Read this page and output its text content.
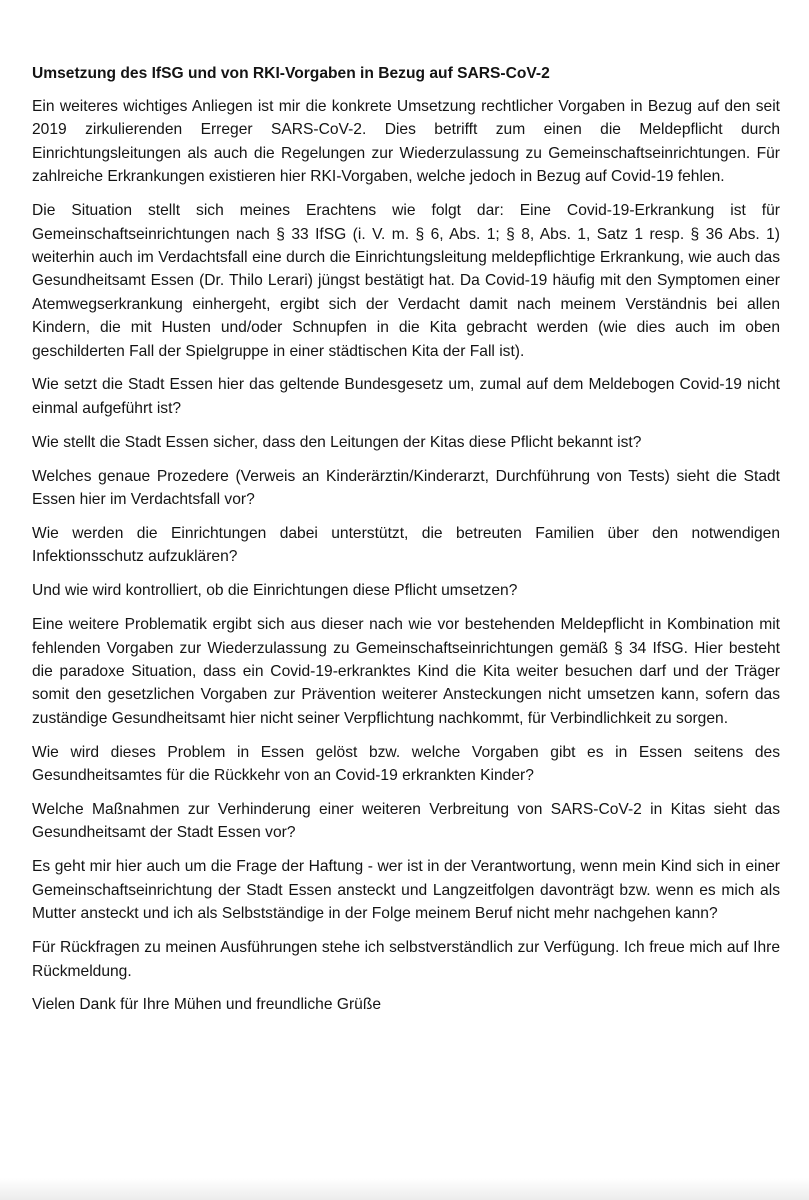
Umsetzung des IfSG und von RKI-Vorgaben in Bezug auf SARS-CoV-2

Ein weiteres wichtiges Anliegen ist mir die konkrete Umsetzung rechtlicher Vorgaben in Bezug auf den seit 2019 zirkulierenden Erreger SARS-CoV-2. Dies betrifft zum einen die Meldepflicht durch Einrichtungsleitungen als auch die Regelungen zur Wiederzulassung zu Gemeinschaftseinrichtungen. Für zahlreiche Erkrankungen existieren hier RKI-Vorgaben, welche jedoch in Bezug auf Covid-19 fehlen.

Die Situation stellt sich meines Erachtens wie folgt dar: Eine Covid-19-Erkrankung ist für Gemeinschaftseinrichtungen nach § 33 IfSG (i. V. m. § 6, Abs. 1; § 8, Abs. 1, Satz 1 resp. § 36 Abs. 1) weiterhin auch im Verdachtsfall eine durch die Einrichtungsleitung meldepflichtige Erkrankung, wie auch das Gesundheitsamt Essen (Dr. Thilo Lerari) jüngst bestätigt hat. Da Covid-19 häufig mit den Symptomen einer Atemwegserkrankung einhergeht, ergibt sich der Verdacht damit nach meinem Verständnis bei allen Kindern, die mit Husten und/oder Schnupfen in die Kita gebracht werden (wie dies auch im oben geschilderten Fall der Spielgruppe in einer städtischen Kita der Fall ist).

Wie setzt die Stadt Essen hier das geltende Bundesgesetz um, zumal auf dem Meldebogen Covid-19 nicht einmal aufgeführt ist?

Wie stellt die Stadt Essen sicher, dass den Leitungen der Kitas diese Pflicht bekannt ist?

Welches genaue Prozedere (Verweis an Kinderärztin/Kinderarzt, Durchführung von Tests) sieht die Stadt Essen hier im Verdachtsfall vor?

Wie werden die Einrichtungen dabei unterstützt, die betreuten Familien über den notwendigen Infektionsschutz aufzuklären?

Und wie wird kontrolliert, ob die Einrichtungen diese Pflicht umsetzen?

Eine weitere Problematik ergibt sich aus dieser nach wie vor bestehenden Meldepflicht in Kombination mit fehlenden Vorgaben zur Wiederzulassung zu Gemeinschaftseinrichtungen gemäß § 34 IfSG. Hier besteht die paradoxe Situation, dass ein Covid-19-erkranktes Kind die Kita weiter besuchen darf und der Träger somit den gesetzlichen Vorgaben zur Prävention weiterer Ansteckungen nicht umsetzen kann, sofern das zuständige Gesundheitsamt hier nicht seiner Verpflichtung nachkommt, für Verbindlichkeit zu sorgen.

Wie wird dieses Problem in Essen gelöst bzw. welche Vorgaben gibt es in Essen seitens des Gesundheitsamtes für die Rückkehr von an Covid-19 erkrankten Kinder?

Welche Maßnahmen zur Verhinderung einer weiteren Verbreitung von SARS-CoV-2 in Kitas sieht das Gesundheitsamt der Stadt Essen vor?

Es geht mir hier auch um die Frage der Haftung - wer ist in der Verantwortung, wenn mein Kind sich in einer Gemeinschaftseinrichtung der Stadt Essen ansteckt und Langzeitfolgen davonträgt bzw. wenn es mich als Mutter ansteckt und ich als Selbstständige in der Folge meinem Beruf nicht mehr nachgehen kann?

Für Rückfragen zu meinen Ausführungen stehe ich selbstverständlich zur Verfügung. Ich freue mich auf Ihre Rückmeldung.

Vielen Dank für Ihre Mühen und freundliche Grüße
